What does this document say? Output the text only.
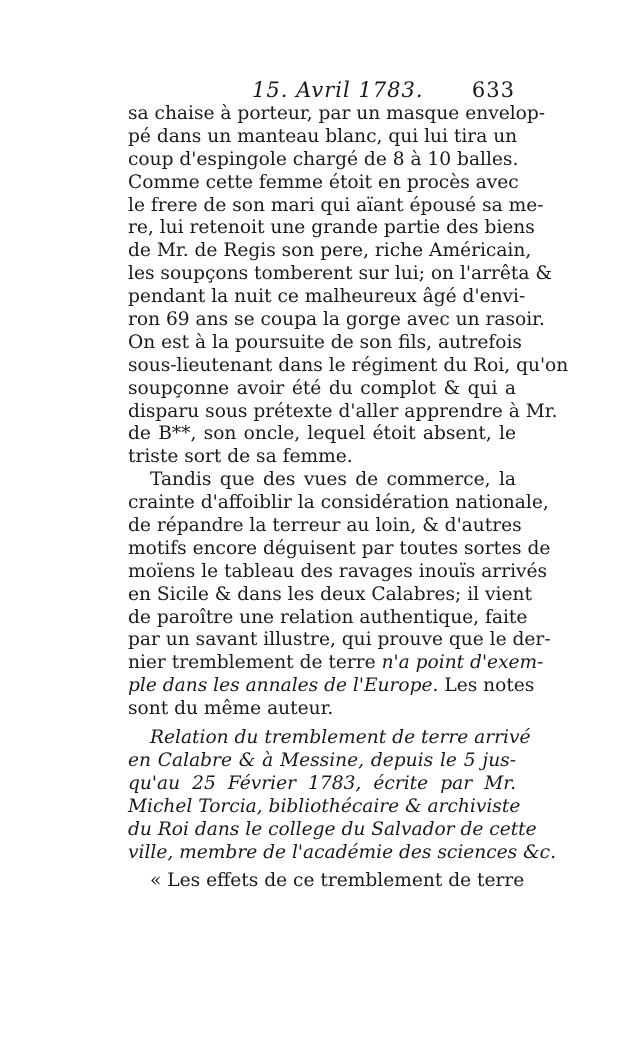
15. Avril 1783. 633
sa chaise à porteur, par un masque envelop-
pé dans un manteau blanc, qui lui tira un
coup d'espingole chargé de 8 à 10 balles.
Comme cette femme étoit en procès avec
le frere de son mari qui aïant épousé sa me-
re, lui retenoit une grande partie des biens
de Mr. de Regis son pere, riche Américain,
les soupçons tomberent sur lui; on l'arrêta &
pendant la nuit ce malheureux âgé d'envi-
ron 69 ans se coupa la gorge avec un rasoir.
On est à la poursuite de son fils, autrefois
sous-lieutenant dans le régiment du Roi, qu'on
soupçonne avoir été du complot & qui a
disparu sous prétexte d'aller apprendre à Mr.
de B**, son oncle, lequel étoit absent, le
triste sort de sa femme.
Tandis que des vues de commerce, la
crainte d'affoiblir la considération nationale,
de répandre la terreur au loin, & d'autres
motifs encore déguisent par toutes sortes de
moïens le tableau des ravages inouïs arrivés
en Sicile & dans les deux Calabres; il vient
de paroître une relation authentique, faite
par un savant illustre, qui prouve que le der-
nier tremblement de terre n'a point d'exem-
ple dans les annales de l'Europe. Les notes
sont du même auteur.
Relation du tremblement de terre arrivé
en Calabre & à Messine, depuis le 5 jus-
qu'au 25 Février 1783, écrite par Mr.
Michel Torcia, bibliothécaire & archiviste
du Roi dans le college du Salvador de cette
ville, membre de l'académie des sciences &c.
« Les effets de ce tremblement de terre
